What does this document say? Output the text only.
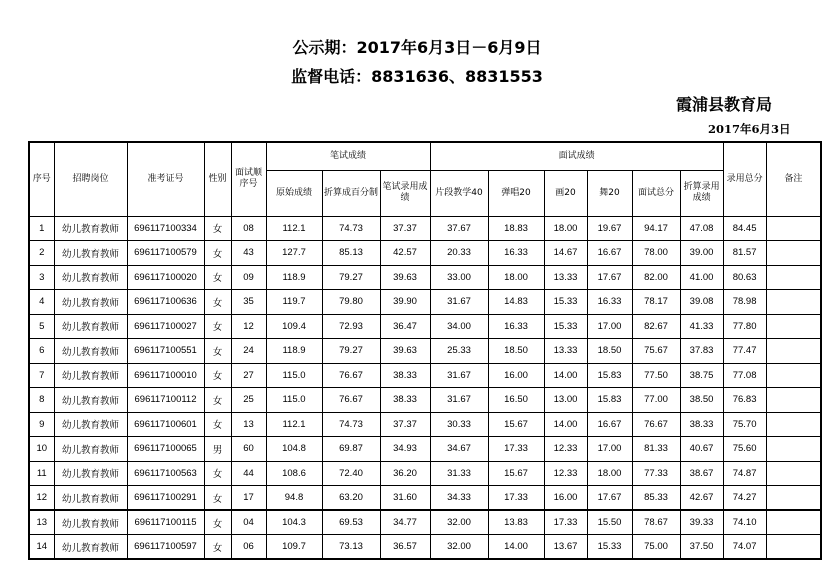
公示期：2017年6月3日－6月9日
监督电话：8831636、8831553
霞浦县教育局
2017年6月3日
序号	招聘岗位	准考证号	性别	面试顺序号	笔试成绩			面试成绩						录用总分	备注
					原始成绩	折算成百分制	笔试录用成绩	片段教学40	弹唱20	画20	舞20	面试总分	折算录用成绩		
1	幼儿教育教师	696117100334	女	08	112.1	74.73	37.37	37.67	18.83	18.00	19.67	94.17	47.08	84.45	
2	幼儿教育教师	696117100579	女	43	127.7	85.13	42.57	20.33	16.33	14.67	16.67	78.00	39.00	81.57	
3	幼儿教育教师	696117100020	女	09	118.9	79.27	39.63	33.00	18.00	13.33	17.67	82.00	41.00	80.63	
4	幼儿教育教师	696117100636	女	35	119.7	79.80	39.90	31.67	14.83	15.33	16.33	78.17	39.08	78.98	
5	幼儿教育教师	696117100027	女	12	109.4	72.93	36.47	34.00	16.33	15.33	17.00	82.67	41.33	77.80	
6	幼儿教育教师	696117100551	女	24	118.9	79.27	39.63	25.33	18.50	13.33	18.50	75.67	37.83	77.47	
7	幼儿教育教师	696117100010	女	27	115.0	76.67	38.33	31.67	16.00	14.00	15.83	77.50	38.75	77.08	
8	幼儿教育教师	696117100112	女	25	115.0	76.67	38.33	31.67	16.50	13.00	15.83	77.00	38.50	76.83	
9	幼儿教育教师	696117100601	女	13	112.1	74.73	37.37	30.33	15.67	14.00	16.67	76.67	38.33	75.70	
10	幼儿教育教师	696117100065	男	60	104.8	69.87	34.93	34.67	17.33	12.33	17.00	81.33	40.67	75.60	
11	幼儿教育教师	696117100563	女	44	108.6	72.40	36.20	31.33	15.67	12.33	18.00	77.33	38.67	74.87	
12	幼儿教育教师	696117100291	女	17	94.8	63.20	31.60	34.33	17.33	16.00	17.67	85.33	42.67	74.27	
13	幼儿教育教师	696117100115	女	04	104.3	69.53	34.77	32.00	13.83	17.33	15.50	78.67	39.33	74.10	
14	幼儿教育教师	696117100597	女	06	109.7	73.13	36.57	32.00	14.00	13.67	15.33	75.00	37.50	74.07	
